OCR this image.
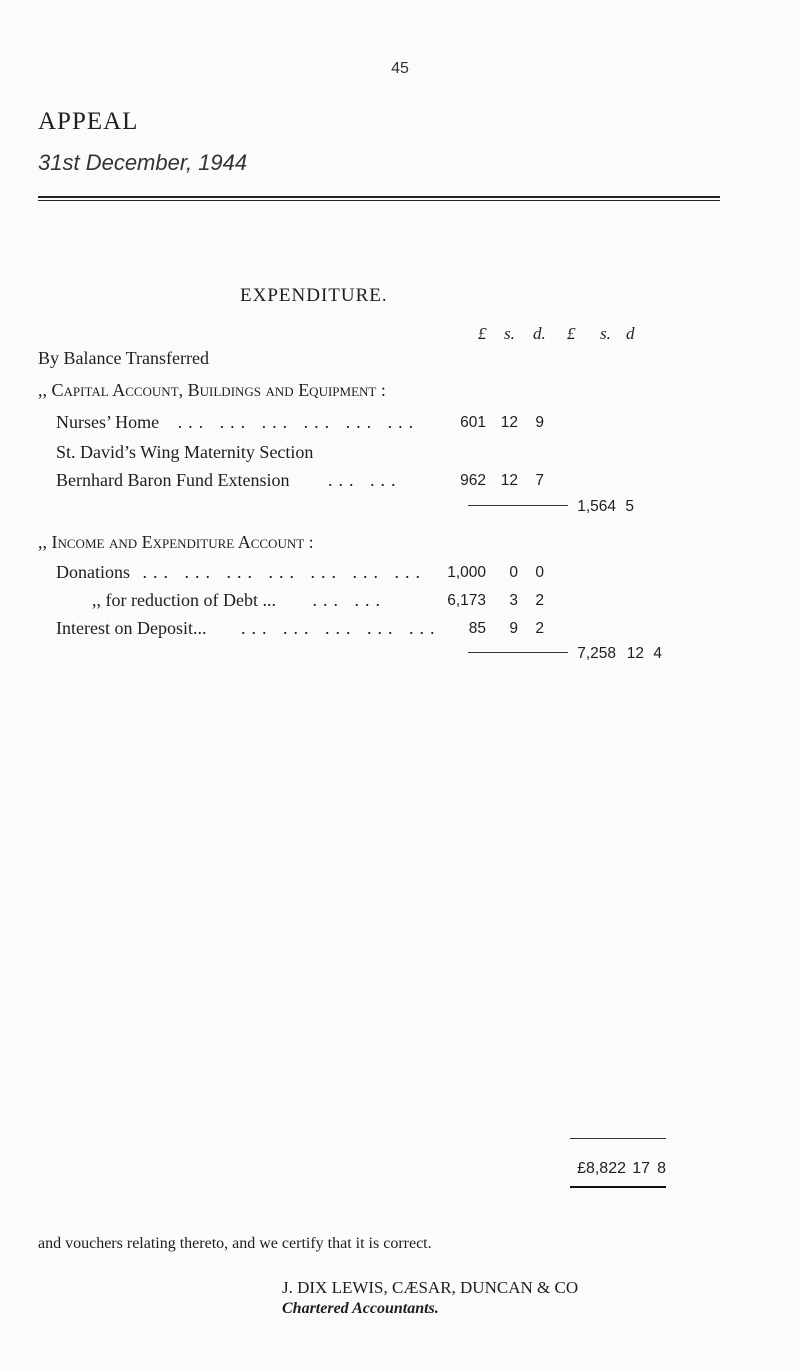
45
APPEAL
31st December, 1944
EXPENDITURE.
£ s. d. £ s. d
By Balance Transferred
,, Capital Account, Buildings and Equipment :
Nurses’ Home ... ... ... ... ... ...	601 12	9
St. David’s Wing Maternity Section
Bernhard Baron Fund Extension ... ...	962 12	7
1,564 5
,, Income and Expenditure Account :
Donations ... ... ... ... ... ... ...	1,000	0	0
,, for reduction of Debt ... ... ...	6,173	3	2
Interest on Deposit... ... ... ... ... ...	85	9	2
7,258 12 4
£8,822 17 8
and vouchers relating thereto, and we certify that it is correct.
J. DIX LEWIS, CÆSAR, DUNCAN & CO
Chartered Accountants.
